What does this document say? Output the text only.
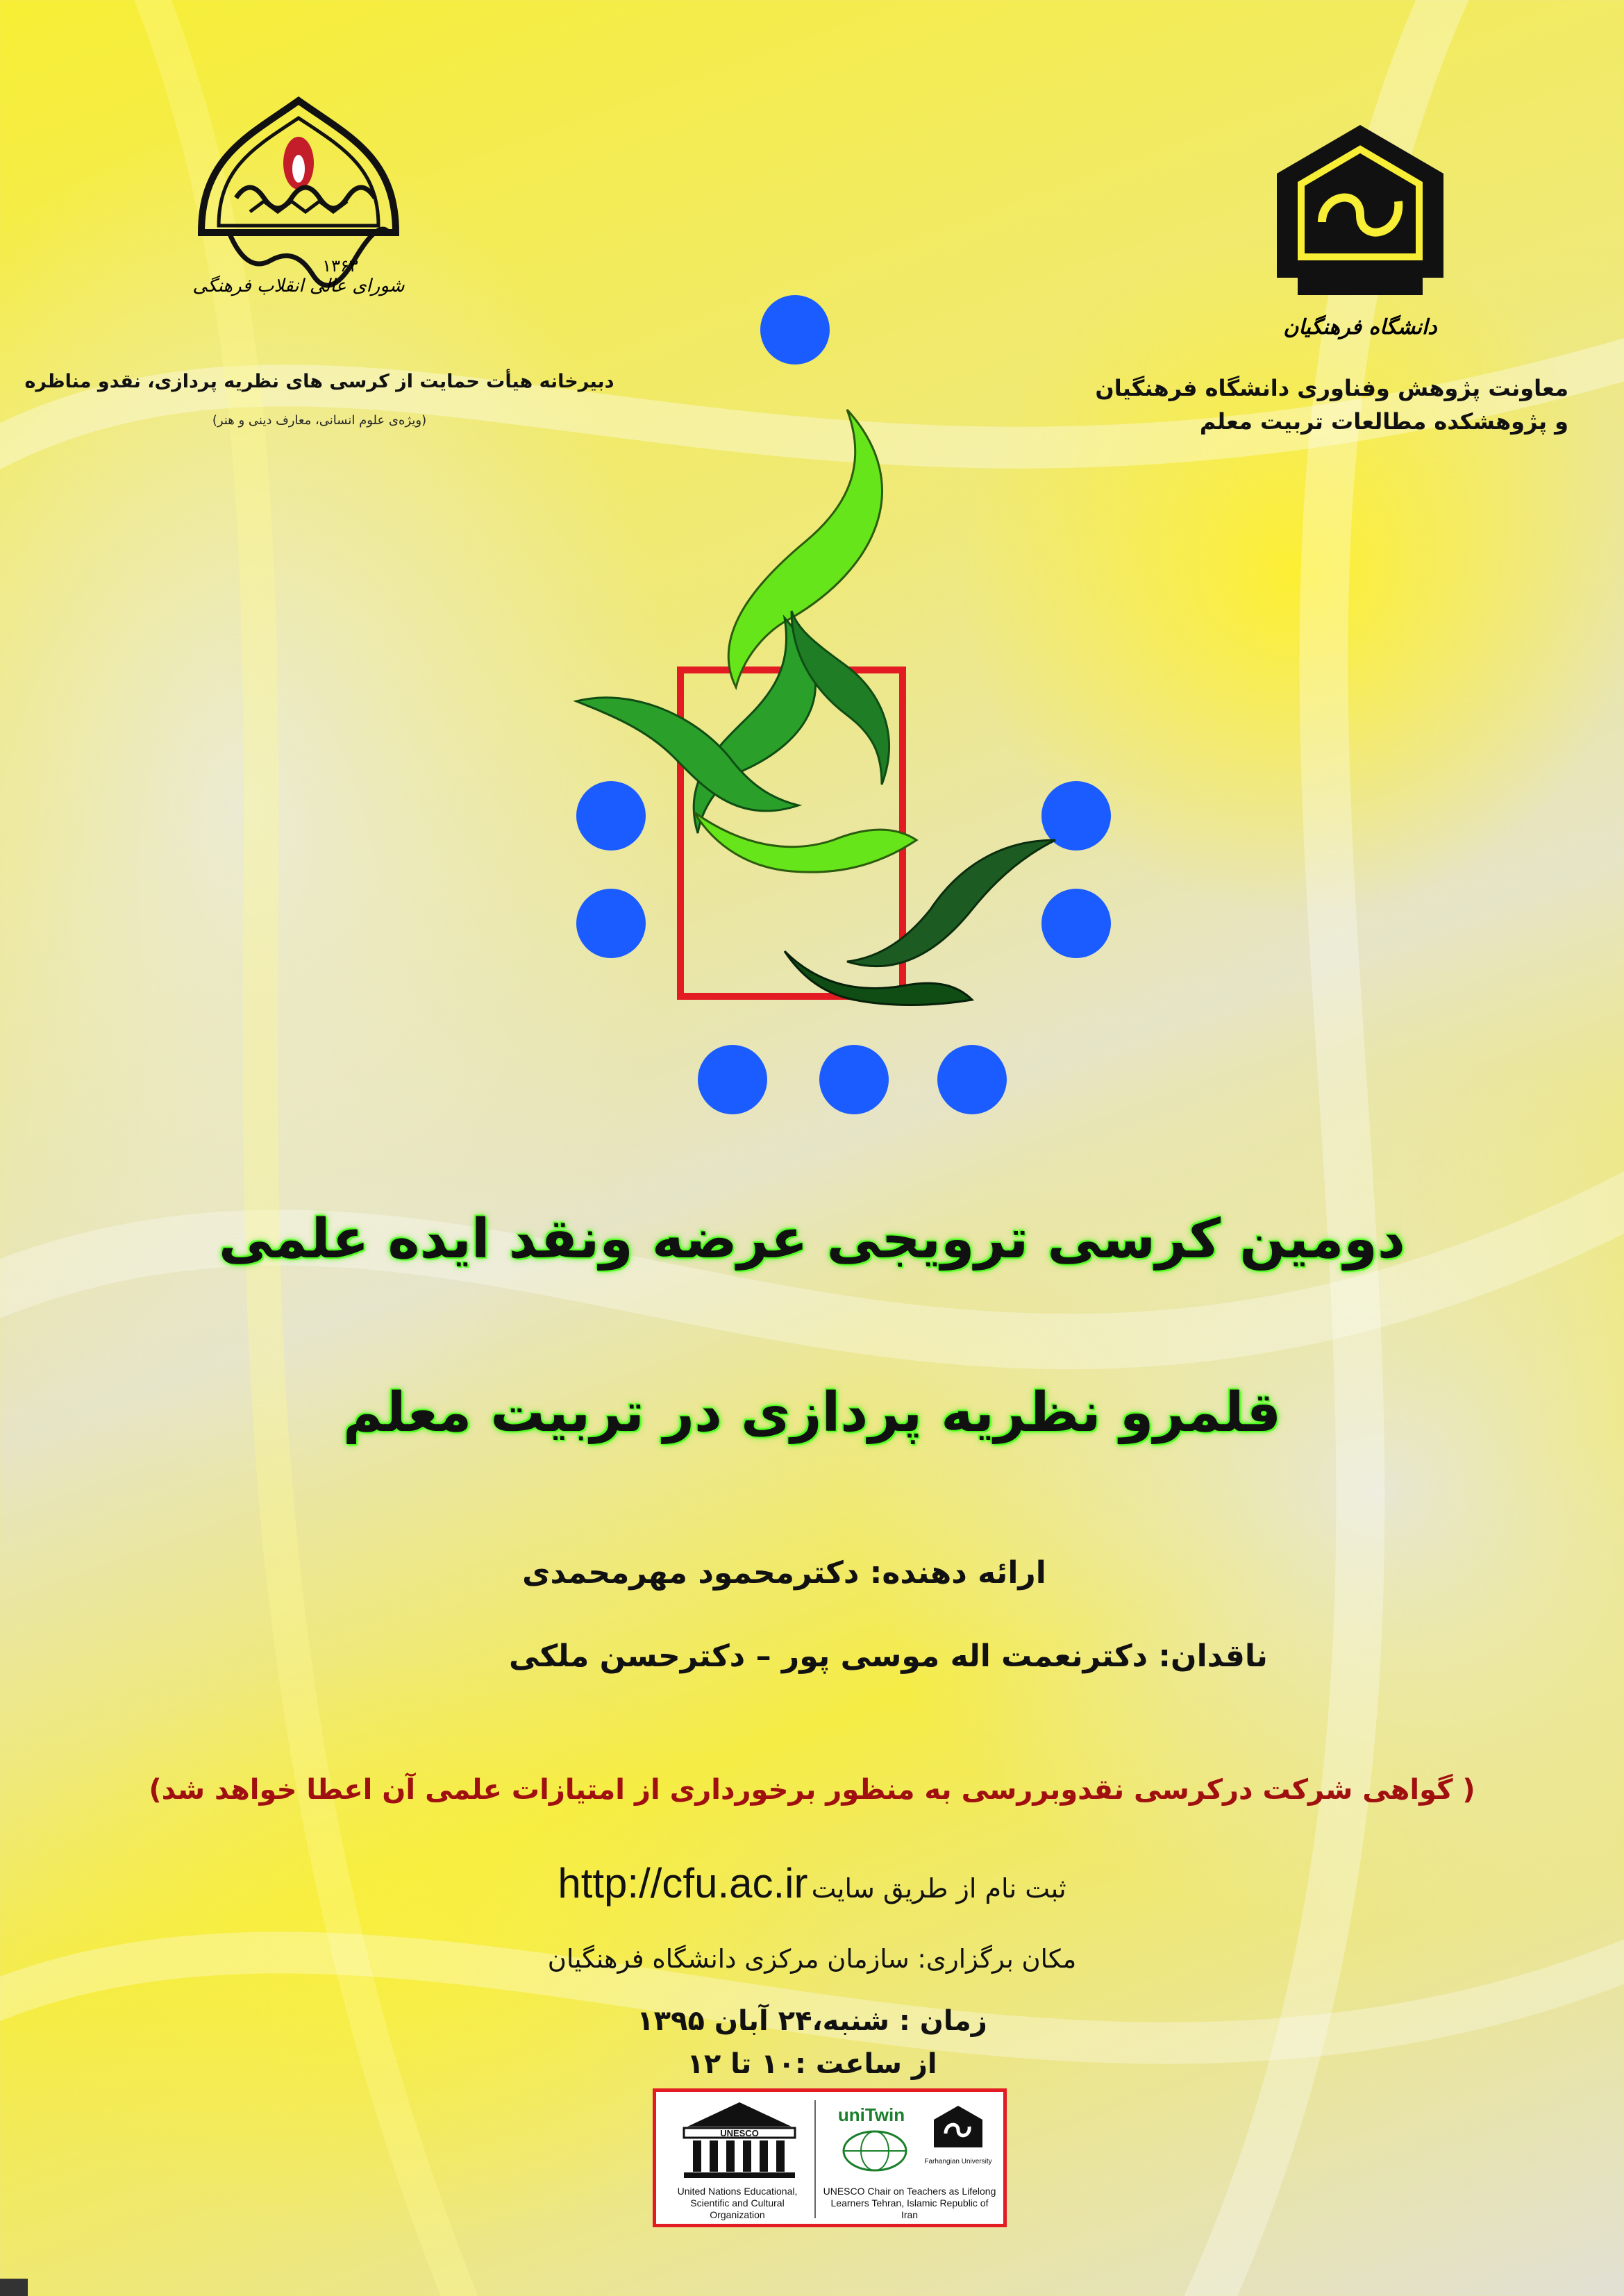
دانشگاه فرهنگیان
معاونت پژوهش وفناوری دانشگاه فرهنگیان
و پژوهشکده مطالعات تربیت معلم
۱۳۶۳
شورای عالی انقلاب فرهنگی
دبیرخانه هیأت حمایت از کرسی های نظریه پردازی، نقدو مناظره
(ویژه‌ی علوم انسانی، معارف دینی و هنر)
دومین کرسی ترویجی عرضه ونقد ایده علمی
قلمرو نظریه پردازی در تربیت معلم
ارائه دهنده: دکترمحمود مهرمحمدی
ناقدان: دکترنعمت اله موسی پور – دکترحسن ملکی
( گواهی شرکت درکرسی نقدوبررسی به منظور برخورداری از امتیازات علمی آن اعطا خواهد شد)
ثبت نام از طریق سایت http://cfu.ac.ir
مکان برگزاری: سازمان مرکزی دانشگاه فرهنگیان
زمان : شنبه،۲۴ آبان ۱۳۹۵
از ساعت :۱۰ تا ۱۲
UNESCO
uniTwin
Farhangian University
United Nations Educational, Scientific and Cultural Organization
UNESCO Chair on Teachers as Lifelong Learners Tehran, Islamic Republic of Iran
